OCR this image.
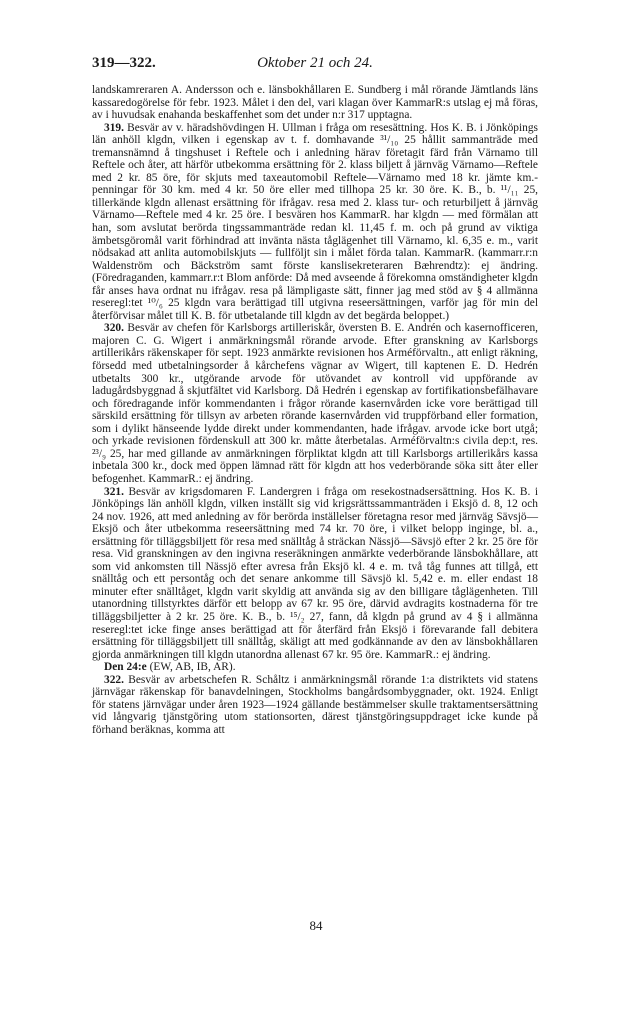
319—322.	Oktober 21 och 24.

landskamreraren A. Andersson och e. länsbokhållaren E. Sundberg i mål rörande Jämtlands läns kassaredogörelse för febr. 1923. Målet i den del, vari klagan över KammarR:s utslag ej må föras, av i huvudsak enahanda beskaffenhet som det under n:r 317 upptagna.

319. Besvär av v. häradshövdingen H. Ullman i fråga om resesättning. Hos K. B. i Jönköpings län anhöll klgdn, vilken i egenskap av t. f. domhavande ³¹/₁₀ 25 hållit sammanträde med tremansnämnd å tingshuset i Reftele och i anledning härav företagit färd från Värnamo till Reftele och åter, att härför utbekomma ersättning för 2. klass biljett å järnväg Värnamo—Reftele med 2 kr. 85 öre, för skjuts med taxeautomobil Reftele—Värnamo med 18 kr. jämte km.-penningar för 30 km. med 4 kr. 50 öre eller med tillhopa 25 kr. 30 öre. K. B., b. ¹¹/₁₁ 25, tillerkände klgdn allenast ersättning för ifrågav. resa med 2. klass tur- och returbiljett å järnväg Värnamo—Reftele med 4 kr. 25 öre. I besvären hos KammarR. har klgdn — med förmälan att han, som avslutat berörda tingssammanträde redan kl. 11,45 f. m. och på grund av viktiga ämbetsgöromål varit förhindrad att invänta nästa tåglägenhet till Värnamo, kl. 6,35 e. m., varit nödsakad att anlita automobilskjuts — fullföljt sin i målet förda talan. KammarR. (kammarr.r:n Waldenström och Bäckström samt förste kanslisekreteraren Bæhrendtz): ej ändring. (Föredraganden, kammarr.r:t Blom anförde: Då med avseende å förekomna omständigheter klgdn får anses hava ordnat nu ifrågav. resa på lämpligaste sätt, finner jag med stöd av § 4 allmänna reseregl:tet ¹⁰/₆ 25 klgdn vara berättigad till utgivna reseersättningen, varför jag för min del återförvisar målet till K. B. för utbetalande till klgdn av det begärda beloppet.)

320. Besvär av chefen för Karlsborgs artilleriskår, översten B. E. Andrén och kasernofficeren, majoren C. G. Wigert i anmärkningsmål rörande arvode. Efter granskning av Karlsborgs artillerikårs räkenskaper för sept. 1923 anmärkte revisionen hos Arméförvaltn., att enligt räkning, försedd med utbetalningsorder å kårchefens vägnar av Wigert, till kaptenen E. D. Hedrén utbetalts 300 kr., utgörande arvode för utövandet av kontroll vid uppförande av ladugårdsbyggnad å skjutfältet vid Karlsborg. Då Hedrén i egenskap av fortifikationsbefälhavare och föredragande inför kommendanten i frågor rörande kasernvården icke vore berättigad till särskild ersättning för tillsyn av arbeten rörande kasernvården vid truppförband eller formation, som i dylikt hänseende lydde direkt under kommendanten, hade ifrågav. arvode icke bort utgå; och yrkade revisionen fördenskull att 300 kr. måtte återbetalas. Arméförvaltn:s civila dep:t, res. ²³/₉ 25, har med gillande av anmärkningen förpliktat klgdn att till Karlsborgs artillerikårs kassa inbetala 300 kr., dock med öppen lämnad rätt för klgdn att hos vederbörande söka sitt åter eller befogenhet. KammarR.: ej ändring.

321. Besvär av krigsdomaren F. Landergren i fråga om resekostnadsersättning. Hos K. B. i Jönköpings län anhöll klgdn, vilken inställt sig vid krigsrättssammanträden i Eksjö d. 8, 12 och 24 nov. 1926, att med anledning av för berörda inställelser företagna resor med järnväg Sävsjö—Eksjö och åter utbekomma reseersättning med 74 kr. 70 öre, i vilket belopp inginge, bl. a., ersättning för tilläggsbiljett för resa med snälltåg å sträckan Nässjö—Sävsjö efter 2 kr. 25 öre för resa. Vid granskningen av den ingivna reseräkningen anmärkte vederbörande länsbokhållare, att som vid ankomsten till Nässjö efter avresa från Eksjö kl. 4 e. m. två tåg funnes att tillgå, ett snälltåg och ett persontåg och det senare ankomme till Sävsjö kl. 5,42 e. m. eller endast 18 minuter efter snälltåget, klgdn varit skyldig att använda sig av den billigare tåglägenheten. Till utanordning tillstyrktes därför ett belopp av 67 kr. 95 öre, därvid avdragits kostnaderna för tre tilläggsbiljetter à 2 kr. 25 öre. K. B., b. ¹⁵/₂ 27, fann, då klgdn på grund av 4 § i allmänna reseregl:tet icke finge anses berättigad att för återfärd från Eksjö i förevarande fall debitera ersättning för tilläggsbiljett till snälltåg, skäligt att med godkännande av den av länsbokhållaren gjorda anmärkningen till klgdn utanordna allenast 67 kr. 95 öre. KammarR.: ej ändring.

Den 24:e (EW, AB, IB, AR).

322. Besvär av arbetschefen R. Schåltz i anmärkningsmål rörande 1:a distriktets vid statens järnvägar räkenskap för banavdelningen, Stockholms bangårdsombyggnader, okt. 1924. Enligt för statens järnvägar under åren 1923—1924 gällande bestämmelser skulle traktamentsersättning vid långvarig tjänstgöring utom stationsorten, därest tjänstgöringsuppdraget icke kunde på förhand beräknas, komma att

84
